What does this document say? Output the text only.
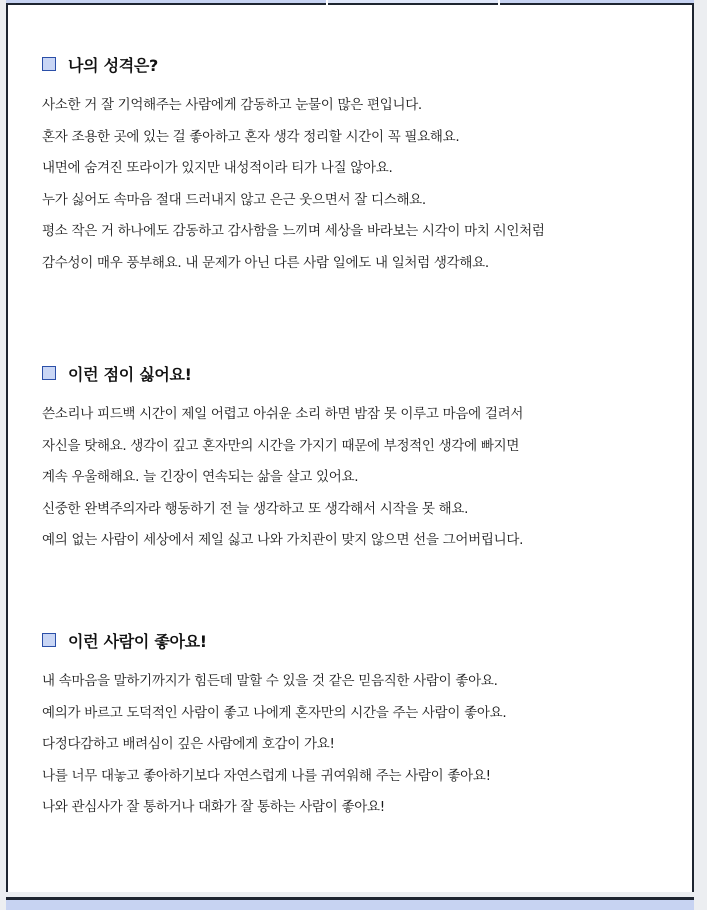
나의 성격은?
사소한 거 잘 기억해주는 사람에게 감동하고 눈물이 많은 편입니다.
혼자 조용한 곳에 있는 걸 좋아하고 혼자 생각 정리할 시간이 꼭 필요해요.
내면에 숨겨진 또라이가 있지만 내성적이라 티가 나질 않아요.
누가 싫어도 속마음 절대 드러내지 않고 은근 웃으면서 잘 디스해요.
평소 작은 거 하나에도 감동하고 감사함을 느끼며 세상을 바라보는 시각이 마치 시인처럼
감수성이 매우 풍부해요. 내 문제가 아닌 다른 사람 일에도 내 일처럼 생각해요.
이런 점이 싫어요!
쓴소리나 피드백 시간이 제일 어렵고 아쉬운 소리 하면 밤잠 못 이루고 마음에 걸려서
자신을 탓해요. 생각이 깊고 혼자만의 시간을 가지기 때문에 부정적인 생각에 빠지면
계속 우울해해요. 늘 긴장이 연속되는 삶을 살고 있어요.
신중한 완벽주의자라 행동하기 전 늘 생각하고 또 생각해서 시작을 못 해요.
예의 없는 사람이 세상에서 제일 싫고 나와 가치관이 맞지 않으면 선을 그어버립니다.
이런 사람이 좋아요!
내 속마음을 말하기까지가 힘든데 말할 수 있을 것 같은 믿음직한 사람이 좋아요.
예의가 바르고 도덕적인 사람이 좋고 나에게 혼자만의 시간을 주는 사람이 좋아요.
다정다감하고 배려심이 깊은 사람에게 호감이 가요!
나를 너무 대놓고 좋아하기보다 자연스럽게 나를 귀여워해 주는 사람이 좋아요!
나와 관심사가 잘 통하거나 대화가 잘 통하는 사람이 좋아요!
